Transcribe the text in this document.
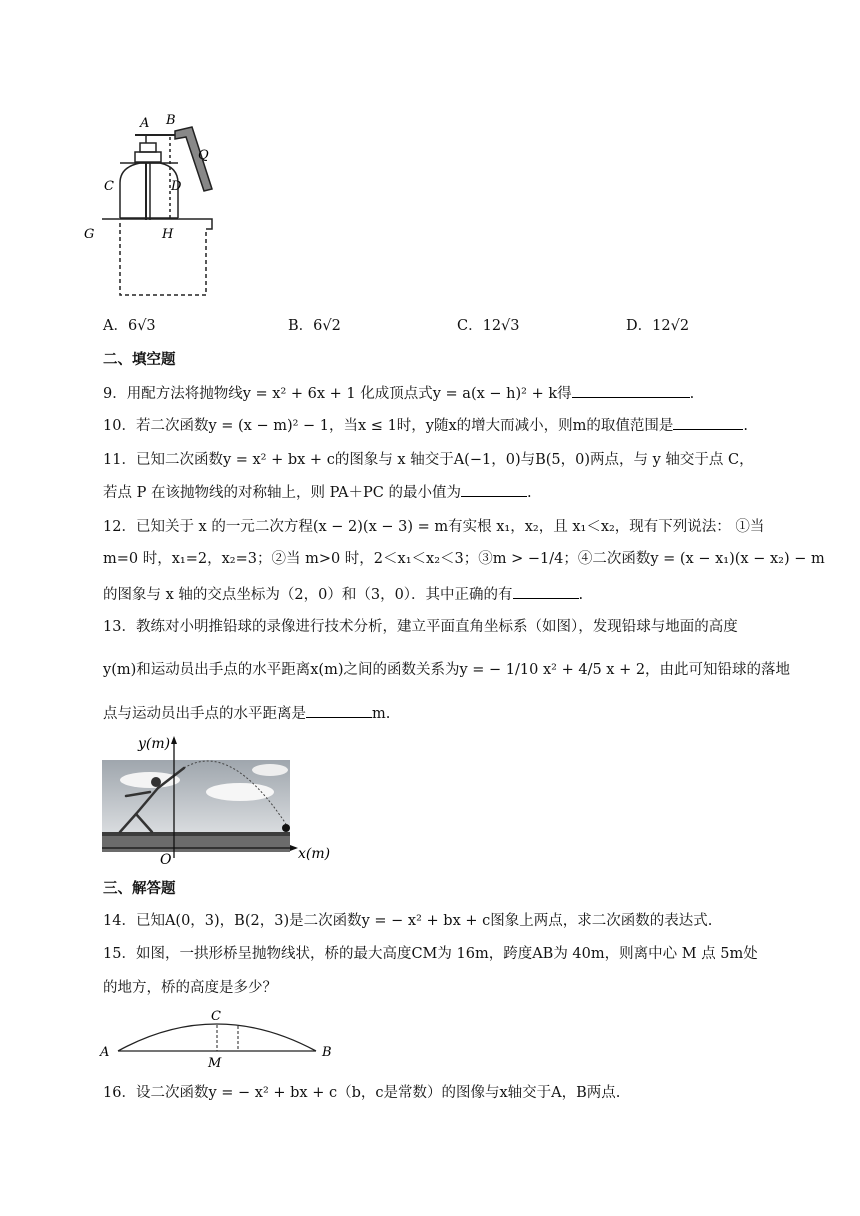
A B
Q
C	D
G	H
A．6√3	B．6√2	C．12√3	D．12√2
二、填空题
9．用配方法将抛物线y = x² + 6x + 1 化成顶点式y = a(x − h)² + k得	.
10．若二次函数y = (x − m)² − 1，当x ≤ 1时，y随x的增大而减小，则m的取值范围是	.
11．已知二次函数y = x² + bx + c的图象与 x 轴交于A(−1，0)与B(5，0)两点，与 y 轴交于点 C，
若点 P 在该抛物线的对称轴上，则 PA＋PC 的最小值为	.
12．已知关于 x 的一元二次方程(x − 2)(x − 3) = m有实根 x₁，x₂，且 x₁＜x₂，现有下列说法： ①当
m=0 时，x₁=2，x₂=3；②当 m>0 时，2＜x₁＜x₂＜3；③m > −1/4；④二次函数y = (x − x₁)(x − x₂) − m
的图象与 x 轴的交点坐标为（2，0）和（3，0）．其中正确的有	.
13．教练对小明推铅球的录像进行技术分析，建立平面直角坐标系（如图），发现铅球与地面的高度
y(m)和运动员出手点的水平距离x(m)之间的函数关系为y = − 1/10 x² + 4/5 x + 2，由此可知铅球的落地
点与运动员出手点的水平距离是	m.
y(m)
x(m)
O
三、解答题
14．已知A(0，3)，B(2，3)是二次函数y = − x² + bx + c图象上两点，求二次函数的表达式.
15．如图，一拱形桥呈抛物线状，桥的最大高度CM为 16m，跨度AB为 40m，则离中心 M 点 5m处
的地方，桥的高度是多少？
A	B
C
M
16．设二次函数y = − x² + bx + c（b，c是常数）的图像与x轴交于A，B两点.
